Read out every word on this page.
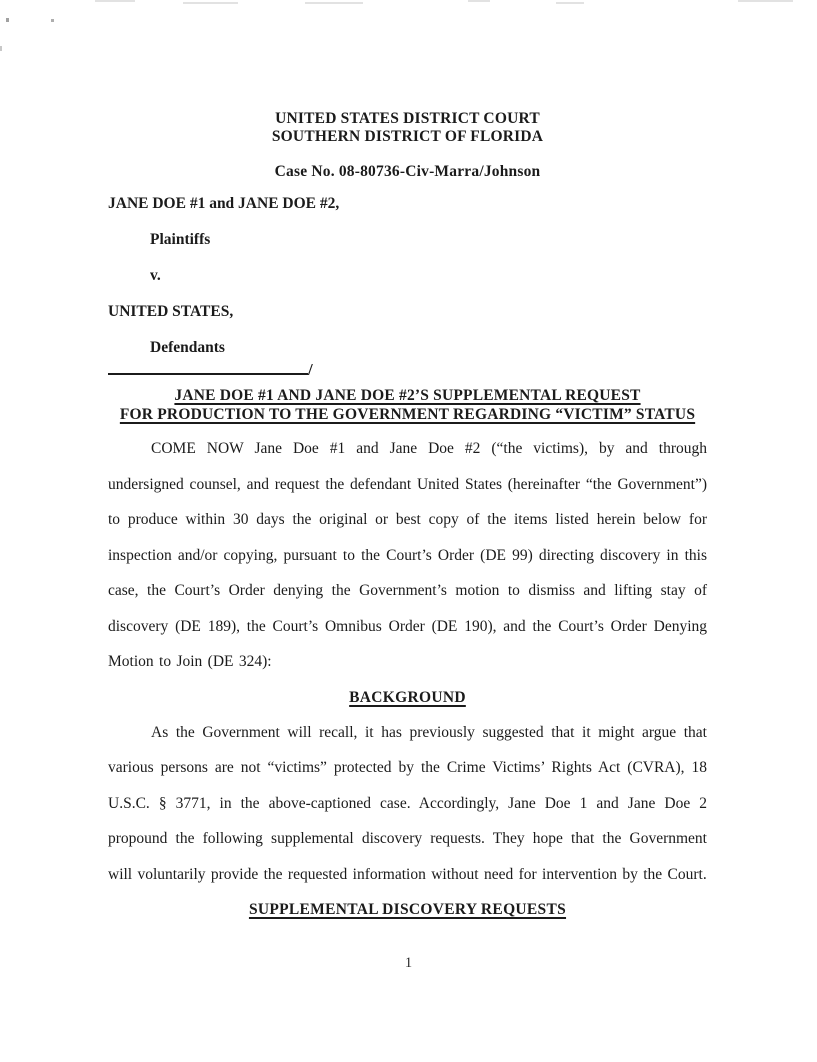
UNITED STATES DISTRICT COURT
SOUTHERN DISTRICT OF FLORIDA
Case No. 08-80736-Civ-Marra/Johnson
JANE DOE #1 and JANE DOE #2,
Plaintiffs
v.
UNITED STATES,
Defendants
/
JANE DOE #1 AND JANE DOE #2’S SUPPLEMENTAL REQUEST
FOR PRODUCTION TO THE GOVERNMENT REGARDING “VICTIM” STATUS

COME NOW Jane Doe #1 and Jane Doe #2 (“the victims), by and through undersigned counsel, and request the defendant United States (hereinafter “the Government”) to produce within 30 days the original or best copy of the items listed herein below for inspection and/or copying, pursuant to the Court’s Order (DE 99) directing discovery in this case, the Court’s Order denying the Government’s motion to dismiss and lifting stay of discovery (DE 189), the Court’s Omnibus Order (DE 190), and the Court’s Order Denying Motion to Join (DE 324):

BACKGROUND

As the Government will recall, it has previously suggested that it might argue that various persons are not “victims” protected by the Crime Victims’ Rights Act (CVRA), 18 U.S.C. § 3771, in the above-captioned case. Accordingly, Jane Doe 1 and Jane Doe 2 propound the following supplemental discovery requests. They hope that the Government will voluntarily provide the requested information without need for intervention by the Court.

SUPPLEMENTAL DISCOVERY REQUESTS
1
